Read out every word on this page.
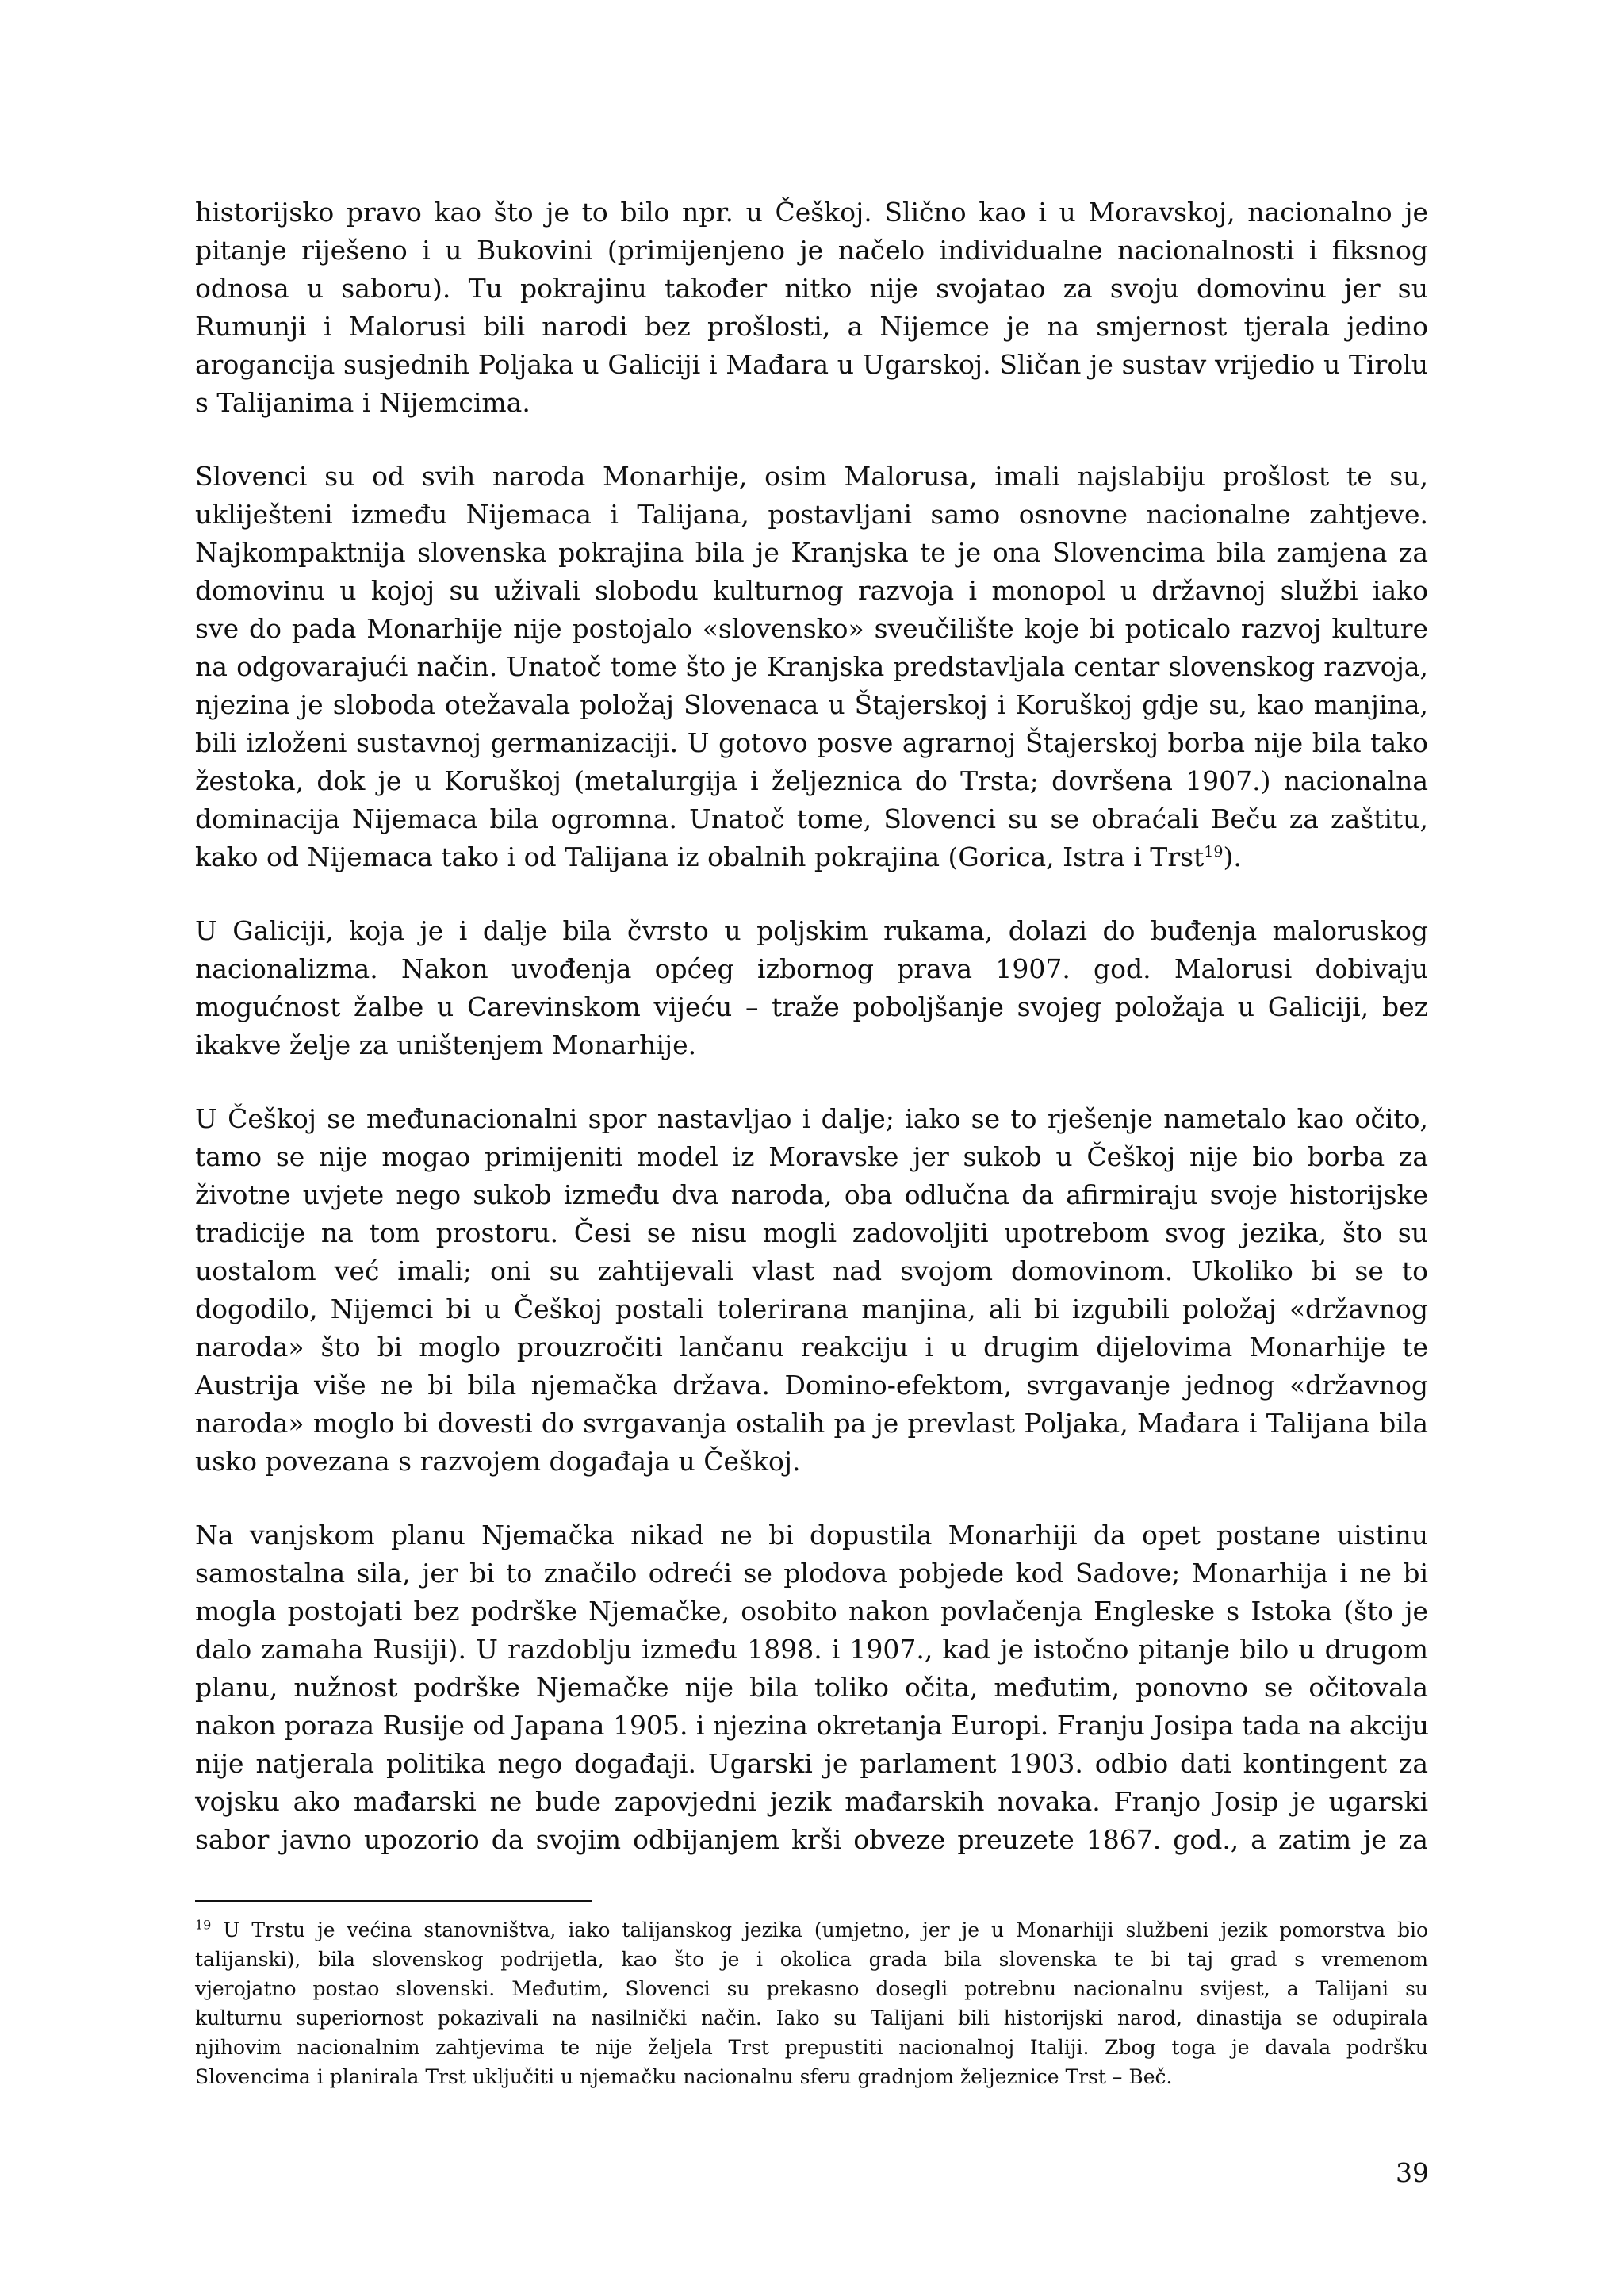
historijsko pravo kao što je to bilo npr. u Češkoj. Slično kao i u Moravskoj, nacionalno je
pitanje riješeno i u Bukovini (primijenjeno je načelo individualne nacionalnosti i fiksnog
odnosa u saboru). Tu pokrajinu također nitko nije svojatao za svoju domovinu jer su
Rumunji i Malorusi bili narodi bez prošlosti, a Nijemce je na smjernost tjerala jedino
arogancija susjednih Poljaka u Galiciji i Mađara u Ugarskoj. Sličan je sustav vrijedio u Tirolu
s Talijanima i Nijemcima.

Slovenci su od svih naroda Monarhije, osim Malorusa, imali najslabiju prošlost te su,
ukliješteni između Nijemaca i Talijana, postavljani samo osnovne nacionalne zahtjeve.
Najkompaktnija slovenska pokrajina bila je Kranjska te je ona Slovencima bila zamjena za
domovinu u kojoj su uživali slobodu kulturnog razvoja i monopol u državnoj službi iako
sve do pada Monarhije nije postojalo «slovensko» sveučilište koje bi poticalo razvoj kulture
na odgovarajući način. Unatoč tome što je Kranjska predstavljala centar slovenskog razvoja,
njezina je sloboda otežavala položaj Slovenaca u Štajerskoj i Koruškoj gdje su, kao manjina,
bili izloženi sustavnoj germanizaciji. U gotovo posve agrarnoj Štajerskoj borba nije bila tako
žestoka, dok je u Koruškoj (metalurgija i željeznica do Trsta; dovršena 1907.) nacionalna
dominacija Nijemaca bila ogromna. Unatoč tome, Slovenci su se obraćali Beču za zaštitu,
kako od Nijemaca tako i od Talijana iz obalnih pokrajina (Gorica, Istra i Trst$^{19}$).

U Galiciji, koja je i dalje bila čvrsto u poljskim rukama, dolazi do buđenja maloruskog
nacionalizma. Nakon uvođenja općeg izbornog prava 1907. god. Malorusi dobivaju
mogućnost žalbe u Carevinskom vijeću – traže poboljšanje svojeg položaja u Galiciji, bez
ikakve želje za uništenjem Monarhije.

U Češkoj se međunacionalni spor nastavljao i dalje; iako se to rješenje nametalo kao očito,
tamo se nije mogao primijeniti model iz Moravske jer sukob u Češkoj nije bio borba za
životne uvjete nego sukob između dva naroda, oba odlučna da afirmiraju svoje historijske
tradicije na tom prostoru. Česi se nisu mogli zadovoljiti upotrebom svog jezika, što su
uostalom već imali; oni su zahtijevali vlast nad svojom domovinom. Ukoliko bi se to
dogodilo, Nijemci bi u Češkoj postali tolerirana manjina, ali bi izgubili položaj «državnog
naroda» što bi moglo prouzročiti lančanu reakciju i u drugim dijelovima Monarhije te
Austrija više ne bi bila njemačka država. Domino-efektom, svrgavanje jednog «državnog
naroda» moglo bi dovesti do svrgavanja ostalih pa je prevlast Poljaka, Mađara i Talijana bila
usko povezana s razvojem događaja u Češkoj.

Na vanjskom planu Njemačka nikad ne bi dopustila Monarhiji da opet postane uistinu
samostalna sila, jer bi to značilo odreći se plodova pobjede kod Sadove; Monarhija i ne bi
mogla postojati bez podrške Njemačke, osobito nakon povlačenja Engleske s Istoka (što je
dalo zamaha Rusiji). U razdoblju između 1898. i 1907., kad je istočno pitanje bilo u drugom
planu, nužnost podrške Njemačke nije bila toliko očita, međutim, ponovno se očitovala
nakon poraza Rusije od Japana 1905. i njezina okretanja Europi. Franju Josipa tada na akciju
nije natjerala politika nego događaji. Ugarski je parlament 1903. odbio dati kontingent za
vojsku ako mađarski ne bude zapovjedni jezik mađarskih novaka. Franjo Josip je ugarski
sabor javno upozorio da svojim odbijanjem krši obveze preuzete 1867. god., a zatim je za

$^{19}$ U Trstu je većina stanovništva, iako talijanskog jezika (umjetno, jer je u Monarhiji službeni jezik pomorstva bio
talijanski), bila slovenskog podrijetla, kao što je i okolica grada bila slovenska te bi taj grad s vremenom
vjerojatno postao slovenski. Međutim, Slovenci su prekasno dosegli potrebnu nacionalnu svijest, a Talijani su
kulturnu superiornost pokazivali na nasilnički način. Iako su Talijani bili historijski narod, dinastija se odupirala
njihovim nacionalnim zahtjevima te nije željela Trst prepustiti nacionalnoj Italiji. Zbog toga je davala podršku
Slovencima i planirala Trst uključiti u njemačku nacionalnu sferu gradnjom željeznice Trst – Beč.
39
